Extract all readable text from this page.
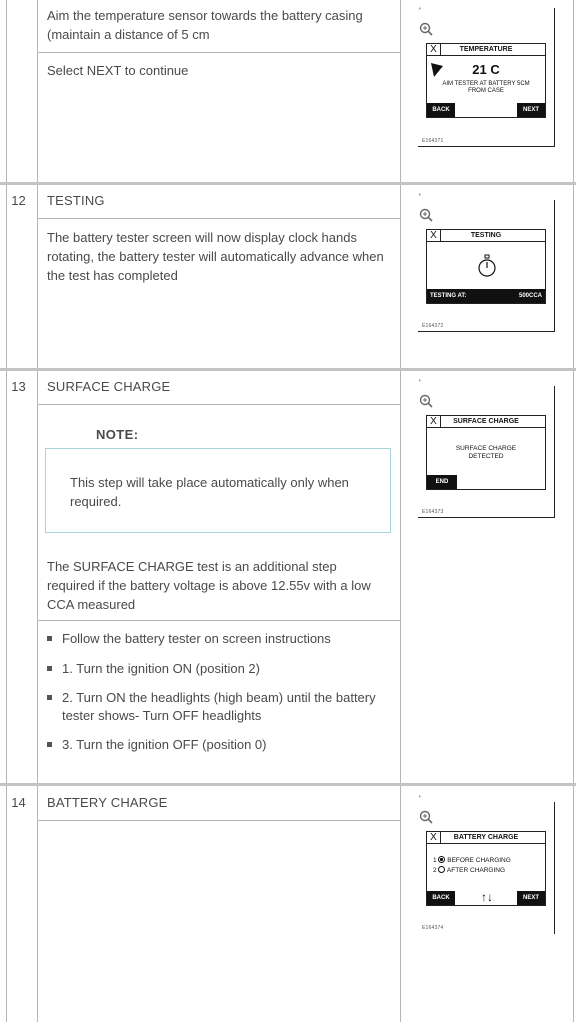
Aim the temperature sensor towards the battery casing (maintain a distance of 5 cm
Select NEXT to continue
'
TEMPERATURE
X
21 C
AIM TESTER AT BATTERY 5CM FROM CASE
BACK	NEXT
E164371
12	TESTING
The battery tester screen will now display clock hands rotating, the battery tester will automatically advance when the test has completed
'
TESTING
X
TESTING AT:	500CCA
E164372
13	SURFACE CHARGE
NOTE:
This step will take place automatically only when required.
The SURFACE CHARGE test is an additional step required if the battery voltage is above 12.55v with a low CCA measured
Follow the battery tester on screen instructions
1. Turn the ignition ON (position 2)
2. Turn ON the headlights (high beam) until the battery tester shows- Turn OFF headlights
3. Turn the ignition OFF (position 0)
'
SURFACE CHARGE
X
SURFACE CHARGE DETECTED
END
E164373
14	BATTERY CHARGE	'
BATTERY CHARGE
X
1 BEFORE CHARGING
2 AFTER CHARGING
BACK	↑↓	NEXT
E164374
